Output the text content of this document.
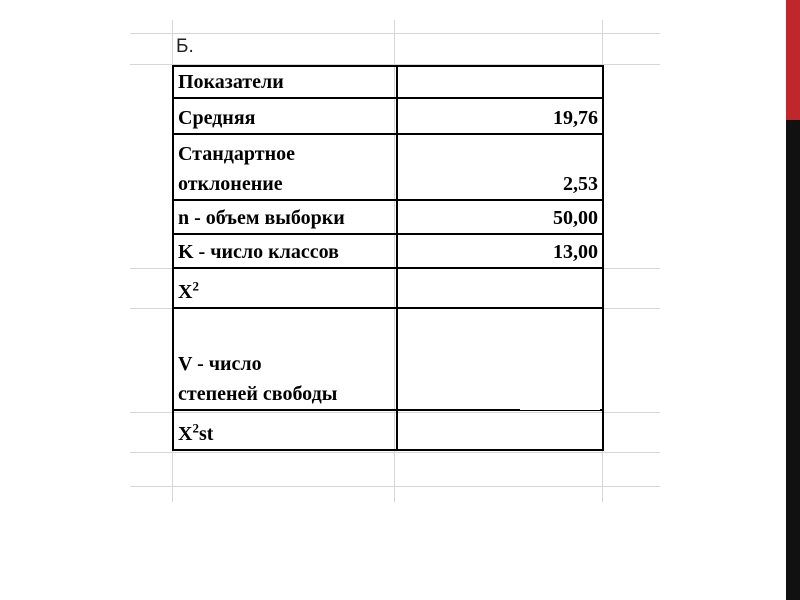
Б.
Показатели	
Средняя	19,76
Стандартное
отклонение	2,53
n - объем выборки	50,00
K - число классов	13,00
$X^2$	
V - число
степеней свободы	
$X^2st$	
